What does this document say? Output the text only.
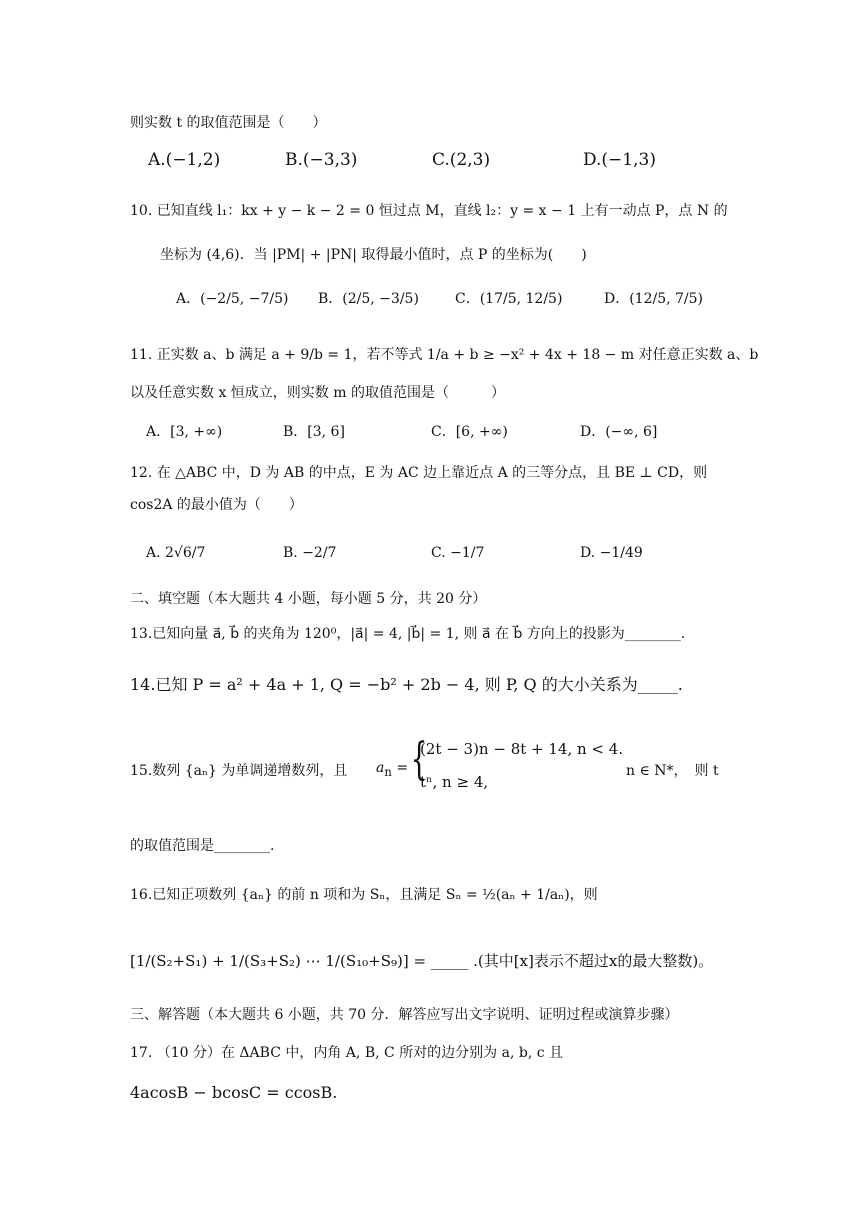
则实数 t 的取值范围是（　　）
A.(−1,2)	B.(−3,3)	C.(2,3)	D.(−1,3)
10. 已知直线 l₁：kx + y − k − 2 = 0 恒过点 M，直线 l₂：y = x − 1 上有一动点 P，点 N 的
坐标为 (4,6)．当 |PM| + |PN| 取得最小值时，点 P 的坐标为(　　)
A．(−2/5, −7/5) B．(2/5, −3/5)	C．(17/5, 12/5)	D．(12/5, 7/5)
11. 正实数 a、b 满足 a + 9/b = 1，若不等式 1/a + b ≥ −x² + 4x + 18 − m 对任意正实数 a、b
以及任意实数 x 恒成立，则实数 m 的取值范围是（　　　）
A．[3, +∞)	B．[3, 6]	C．[6, +∞)	D．(−∞, 6]
12. 在 △ABC 中，D 为 AB 的中点，E 为 AC 边上靠近点 A 的三等分点，且 BE ⊥ CD，则
cos2A 的最小值为（　　）
A. 2√6/7	B. −2/7	C. −1/7	D. −1/49
二、填空题（本大题共 4 小题，每小题 5 分，共 20 分）
13.已知向量 a⃗, b⃗ 的夹角为 120⁰，|a⃗| = 4, |b⃗| = 1, 则 a⃗ 在 b⃗ 方向上的投影为________.
14.已知 P = a² + 4a + 1, Q = −b² + 2b − 4, 则 P, Q 的大小关系为_____.
15.数列 {aₙ} 为单调递增数列，且 $a_n$ = {
(2t − 3)n − 8t + 14, n < 4.
tⁿ, n ≥ 4,
n ∈ N*，　则 t
的取值范围是________.
16.已知正项数列 {aₙ} 的前 n 项和为 Sₙ，且满足 Sₙ = ½(aₙ + 1/aₙ)，则
[1/(S₂+S₁) + 1/(S₃+S₂) ⋯ 1/(S₁₀+S₉)] = _____ .(其中[x]表示不超过x的最大整数)。
三、解答题（本大题共 6 小题，共 70 分．解答应写出文字说明、证明过程或演算步骤）
17. （10 分）在 ΔABC 中，内角 A, B, C 所对的边分别为 a, b, c 且
4acosB − bcosC = ccosB.
